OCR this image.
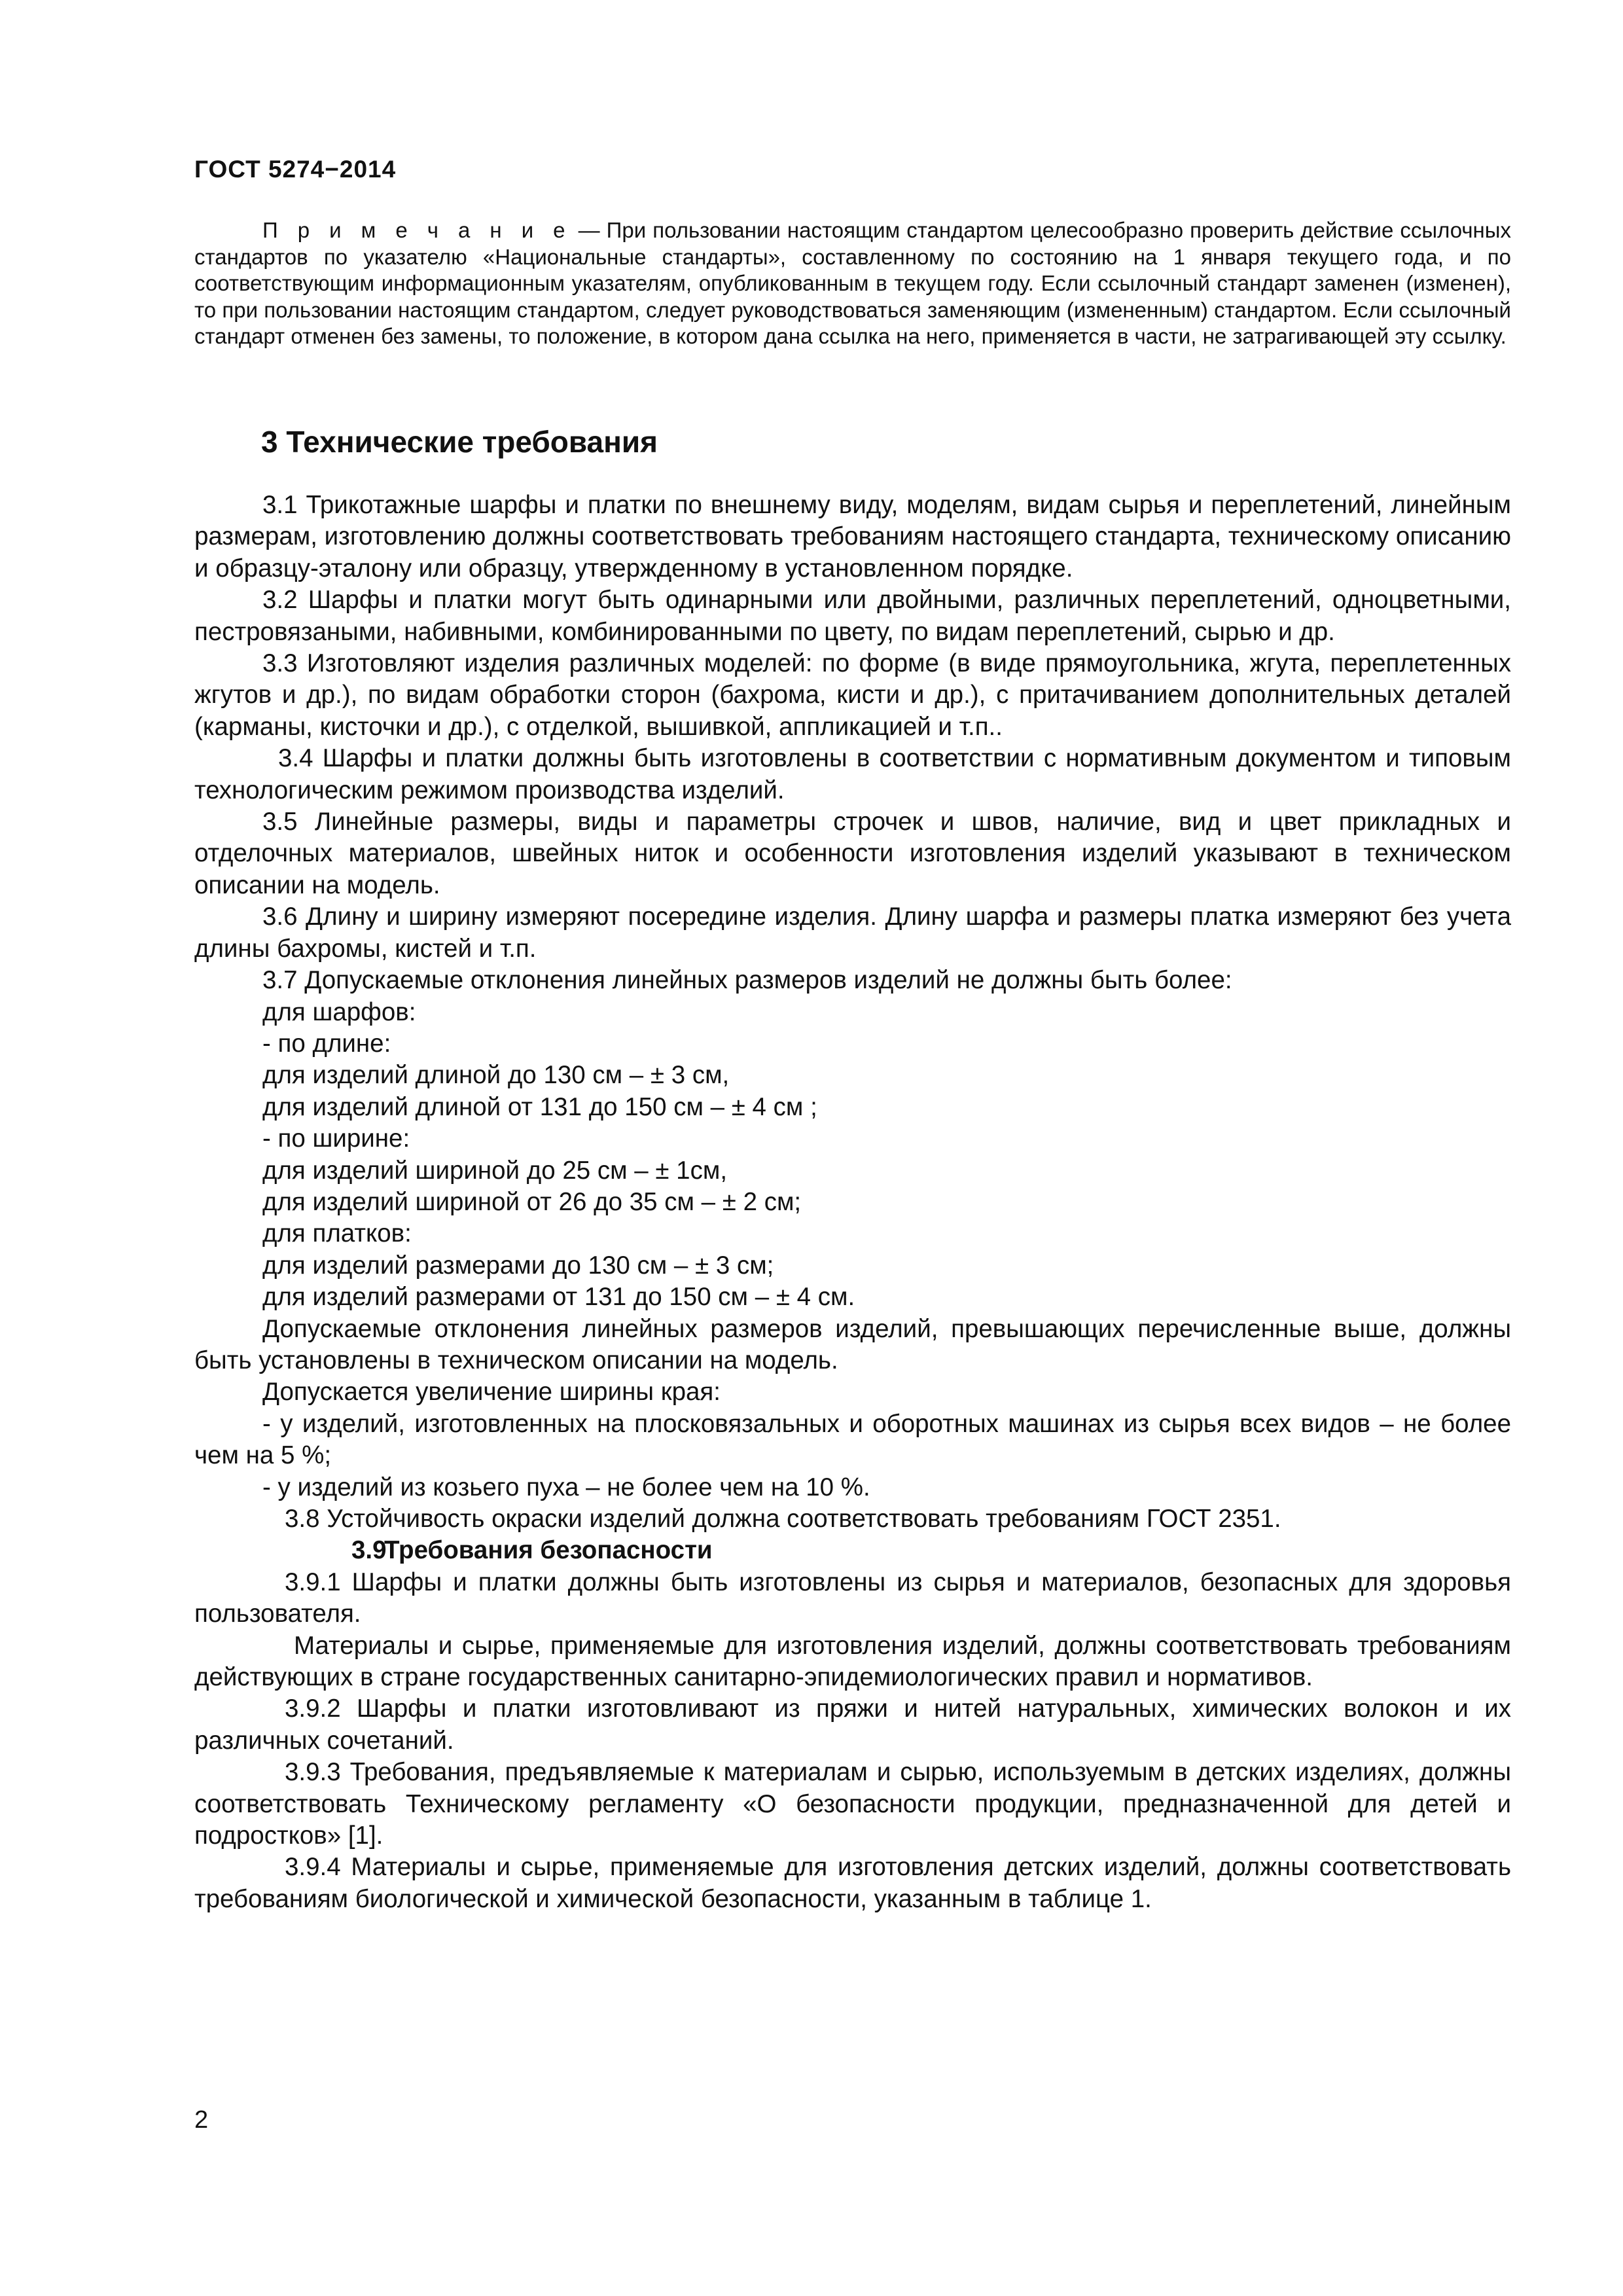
ГОСТ 5274−2014
П р и м е ч а н и е — При пользовании настоящим стандартом целесообразно проверить действие ссылочных стандартов по указателю «Национальные стандарты», составленному по состоянию на 1 января текущего года, и по соответствующим информационным указателям, опубликованным в текущем году. Если ссылочный стандарт заменен (изменен), то при пользовании настоящим стандартом, следует руководствоваться заменяющим (измененным) стандартом. Если ссылочный стандарт отменен без замены, то положение, в котором дана ссылка на него, применяется в части, не затрагивающей эту ссылку.
3 Технические требования

3.1 Трикотажные шарфы и платки по внешнему виду, моделям, видам сырья и переплетений, линейным размерам, изготовлению должны соответствовать требованиям настоящего стандарта, техническому описанию и образцу-эталону или образцу, утвержденному в установленном порядке.

3.2 Шарфы и платки могут быть одинарными или двойными, различных переплетений, одноцветными, пестровязаными, набивными, комбинированными по цвету, по видам переплетений, сырью и др.

3.3 Изготовляют изделия различных моделей: по форме (в виде прямоугольника, жгута, переплетенных жгутов и др.), по видам обработки сторон (бахрома, кисти и др.), с притачиванием дополнительных деталей (карманы, кисточки и др.), с отделкой, вышивкой, аппликацией и т.п..

3.4 Шарфы и платки должны быть изготовлены в соответствии с нормативным документом и типовым технологическим режимом производства изделий.

3.5 Линейные размеры, виды и параметры строчек и швов, наличие, вид и цвет прикладных и отделочных материалов, швейных ниток и особенности изготовления изделий указывают в техническом описании на модель.

3.6 Длину и ширину измеряют посередине изделия. Длину шарфа и размеры платка измеряют без учета длины бахромы, кистей и т.п.

3.7 Допускаемые отклонения линейных размеров изделий не должны быть более:

для шарфов:

- по длине:

для изделий длиной до 130 см – ± 3 см,

для изделий длиной от 131 до 150 см – ± 4 см ;

- по ширине:

для изделий шириной до 25 см – ± 1см,

для изделий шириной от 26 до 35 см – ± 2 см;

для платков:

для изделий размерами до 130 см – ± 3 см;

для изделий размерами от 131 до 150 см – ± 4 см.

Допускаемые отклонения линейных размеров изделий, превышающих перечисленные выше, должны быть установлены в техническом описании на модель.

Допускается увеличение ширины края:

- у изделий, изготовленных на плосковязальных и оборотных машинах из сырья всех видов – не более чем на 5 %;

- у изделий из козьего пуха – не более чем на 10 %.

3.8 Устойчивость окраски изделий должна соответствовать требованиям ГОСТ 2351.

3.9Требования безопасности

3.9.1 Шарфы и платки должны быть изготовлены из сырья и материалов, безопасных для здоровья пользователя.

Материалы и сырье, применяемые для изготовления изделий, должны соответствовать требованиям действующих в стране государственных санитарно-эпидемиологических правил и нормативов.

3.9.2 Шарфы и платки изготовливают из пряжи и нитей натуральных, химических волокон и их различных сочетаний.

3.9.3 Требования, предъявляемые к материалам и сырью, используемым в детских изделиях, должны соответствовать Техническому регламенту «О безопасности продукции, предназначенной для детей и подростков» [1].

3.9.4 Материалы и сырье, применяемые для изготовления детских изделий, должны соответствовать требованиям биологической и химической безопасности, указанным в таблице 1.

2
